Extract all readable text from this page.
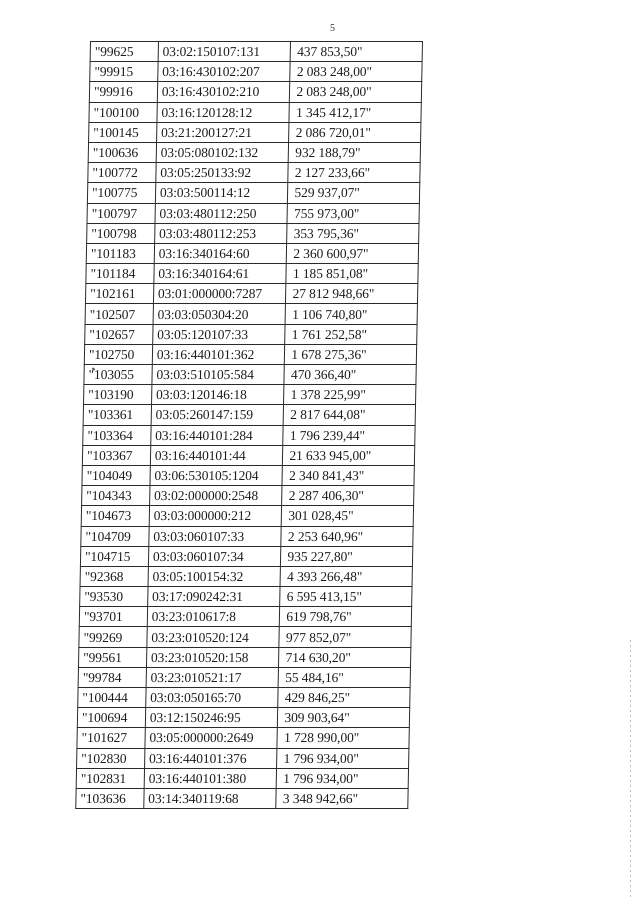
5
"99625	03:02:150107:131	437 853,50"
"99915	03:16:430102:207	2 083 248,00"
"99916	03:16:430102:210	2 083 248,00"
"100100	03:16:120128:12	1 345 412,17"
"100145	03:21:200127:21	2 086 720,01"
"100636	03:05:080102:132	932 188,79"
"100772	03:05:250133:92	2 127 233,66"
"100775	03:03:500114:12	529 937,07"
"100797	03:03:480112:250	755 973,00"
"100798	03:03:480112:253	353 795,36"
"101183	03:16:340164:60	2 360 600,97"
"101184	03:16:340164:61	1 185 851,08"
"102161	03:01:000000:7287	27 812 948,66"
"102507	03:03:050304:20	1 106 740,80"
"102657	03:05:120107:33	1 761 252,58"
"102750	03:16:440101:362	1 678 275,36"
"103055	03:03:510105:584	470 366,40"
"103190	03:03:120146:18	1 378 225,99"
"103361	03:05:260147:159	2 817 644,08"
"103364	03:16:440101:284	1 796 239,44"
"103367	03:16:440101:44	21 633 945,00"
"104049	03:06:530105:1204	2 340 841,43"
"104343	03:02:000000:2548	2 287 406,30"
"104673	03:03:000000:212	301 028,45"
"104709	03:03:060107:33	2 253 640,96"
"104715	03:03:060107:34	935 227,80"
"92368	03:05:100154:32	4 393 266,48"
"93530	03:17:090242:31	6 595 413,15"
"93701	03:23:010617:8	619 798,76"
"99269	03:23:010520:124	977 852,07"
"99561	03:23:010520:158	714 630,20"
"99784	03:23:010521:17	55 484,16"
"100444	03:03:050165:70	429 846,25"
"100694	03:12:150246:95	309 903,64"
"101627	03:05:000000:2649	1 728 990,00"
"102830	03:16:440101:376	1 796 934,00"
"102831	03:16:440101:380	1 796 934,00"
"103636	03:14:340119:68	3 348 942,66"
